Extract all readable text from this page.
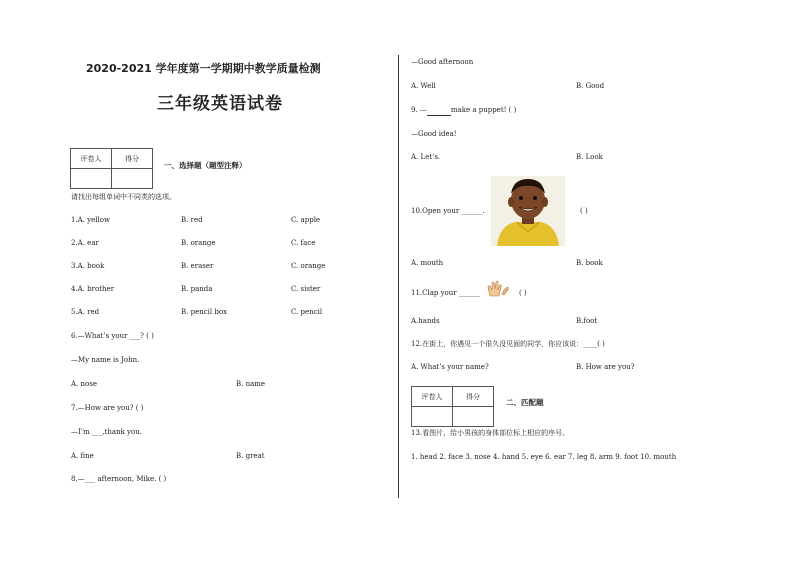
2020-2021 学年度第一学期期中教学质量检测
三年级英语试卷
评卷人	得分

一、选择题（题型注释）
请找出每组单词中不同类的选项。
1.A. yellow	B. red	C. apple
2.A. ear	B. orange	C. face
3.A. book	B. eraser	C. orange
4.A. brother	B. panda	C. sister
5.A. red	B. pencil box	C. pencil
6.—What’s your ___? ( )
—My name is John.
A. nose	B. name
7.—How are you? ( )
—I’m ___,thank you.
A. fine	B. great
8.—___ afternoon, Mike. ( )
—Good afternoon
A. Well	B. Good
9. —	make a puppet! ( )
—Good idea!
A. Let’s.	B. Look
10.Open your ______.	( )
A. mouth	B. book
11.Clap your ______	( )
A.hands	B.foot
12.在街上，你遇见一个很久没见面的同学，你应该说：____( )
A. What’s your name?	B. How are you?
评卷人	得分

二、匹配题
13.看图片，给小男孩的身体部位标上相应的序号。
1. head 2. face 3. nose 4. hand 5. eye 6. ear 7. leg 8. arm 9. foot 10. mouth
